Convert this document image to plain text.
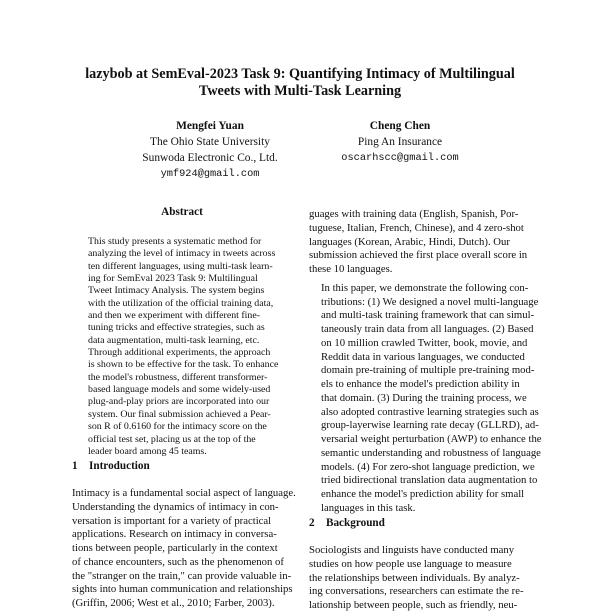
lazybob at SemEval-2023 Task 9: Quantifying Intimacy of Multilingual
Tweets with Multi-Task Learning
Mengfei Yuan
The Ohio State University
Sunwoda Electronic Co., Ltd.
ymf924@gmail.com
Cheng Chen
Ping An Insurance
oscarhscc@gmail.com
Abstract
This study presents a systematic method for
analyzing the level of intimacy in tweets across
ten different languages, using multi-task learn-
ing for SemEval 2023 Task 9: Multilingual
Tweet Intimacy Analysis. The system begins
with the utilization of the official training data,
and then we experiment with different fine-
tuning tricks and effective strategies, such as
data augmentation, multi-task learning, etc.
Through additional experiments, the approach
is shown to be effective for the task. To enhance
the model's robustness, different transformer-
based language models and some widely-used
plug-and-play priors are incorporated into our
system. Our final submission achieved a Pear-
son R of 0.6160 for the intimacy score on the
official test set, placing us at the top of the
leader board among 45 teams.
1 Introduction
Intimacy is a fundamental social aspect of language.
Understanding the dynamics of intimacy in con-
versation is important for a variety of practical
applications. Research on intimacy in conversa-
tions between people, particularly in the context
of chance encounters, such as the phenomenon of
the "stranger on the train," can provide valuable in-
sights into human communication and relationships
(Griffin, 2006; West et al., 2010; Farber, 2003).

guages with training data (English, Spanish, Por-
tuguese, Italian, French, Chinese), and 4 zero-shot
languages (Korean, Arabic, Hindi, Dutch). Our
submission achieved the first place overall score in
these 10 languages.

In this paper, we demonstrate the following con-
tributions: (1) We designed a novel multi-language
and multi-task training framework that can simul-
taneously train data from all languages. (2) Based
on 10 million crawled Twitter, book, movie, and
Reddit data in various languages, we conducted
domain pre-training of multiple pre-training mod-
els to enhance the model's prediction ability in
that domain. (3) During the training process, we
also adopted contrastive learning strategies such as
group-layerwise learning rate decay (GLLRD), ad-
versarial weight perturbation (AWP) to enhance the
semantic understanding and robustness of language
models. (4) For zero-shot language prediction, we
tried bidirectional translation data augmentation to
enhance the model's prediction ability for small
languages in this task.

2 Background
Sociologists and linguists have conducted many
studies on how people use language to measure
the relationships between individuals. By analyz-
ing conversations, researchers can estimate the re-
lationship between people, such as friendly, neu-
